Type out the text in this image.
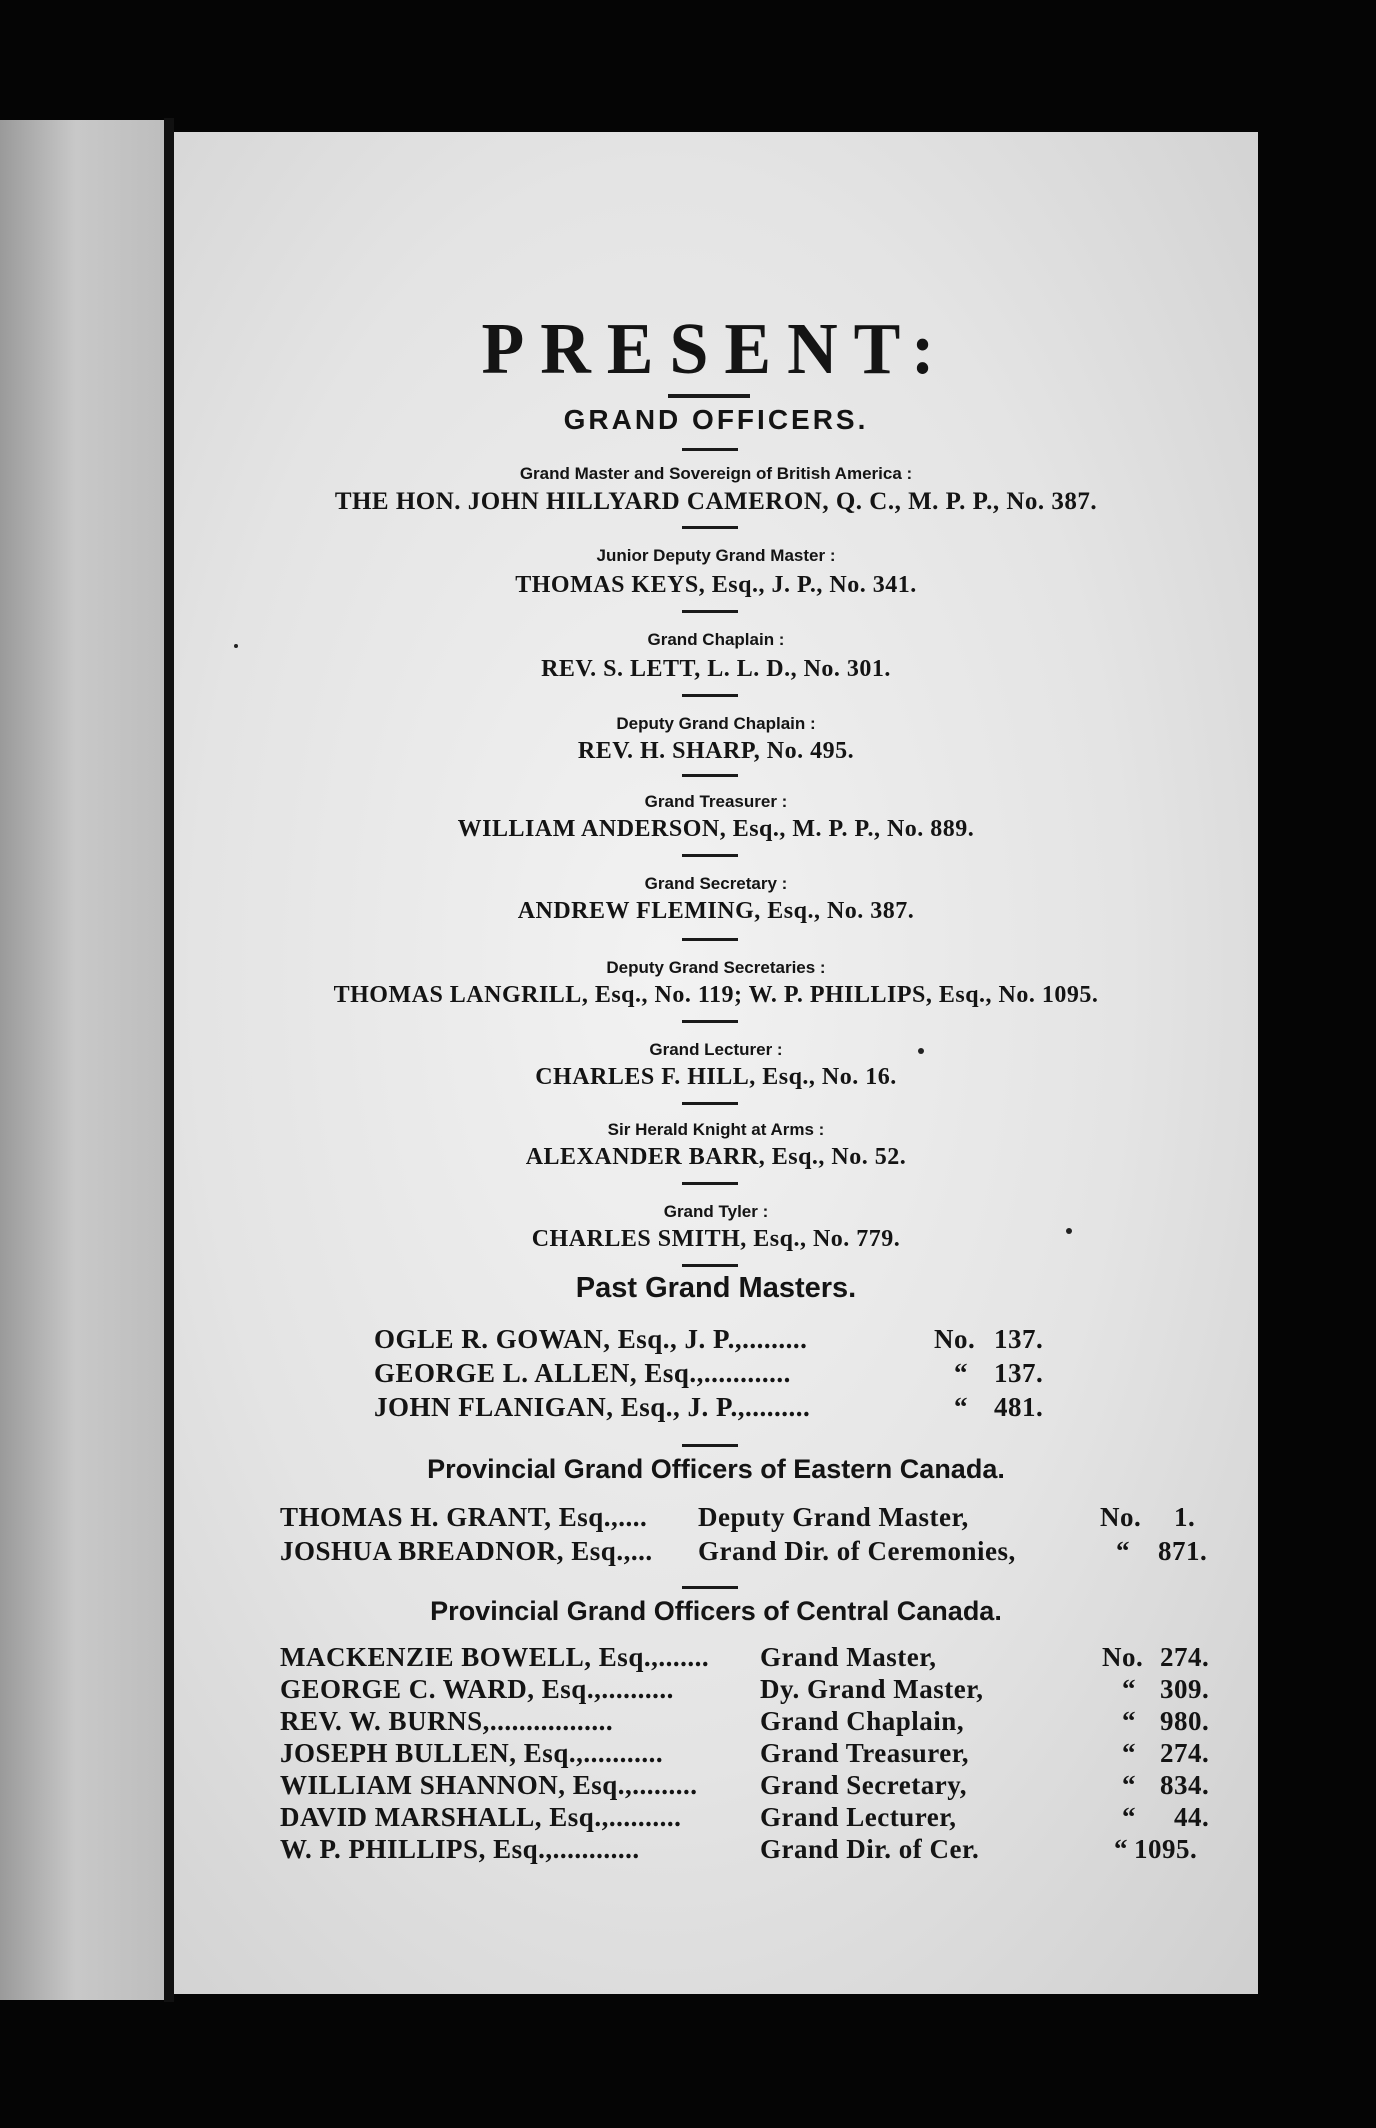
PRESENT:
GRAND OFFICERS.
Grand Master and Sovereign of British America :
THE HON. JOHN HILLYARD CAMERON, Q. C., M. P. P., No. 387.
Junior Deputy Grand Master :
THOMAS KEYS, Esq., J. P., No. 341.
Grand Chaplain :
REV. S. LETT, L. L. D., No. 301.
Deputy Grand Chaplain :
REV. H. SHARP, No. 495.
Grand Treasurer :
WILLIAM ANDERSON, Esq., M. P. P., No. 889.
Grand Secretary :
ANDREW FLEMING, Esq., No. 387.
Deputy Grand Secretaries :
THOMAS LANGRILL, Esq., No. 119; W. P. PHILLIPS, Esq., No. 1095.
Grand Lecturer :
CHARLES F. HILL, Esq., No. 16.
Sir Herald Knight at Arms :
ALEXANDER BARR, Esq., No. 52.
Grand Tyler :
CHARLES SMITH, Esq., No. 779.
Past Grand Masters.
OGLE R. GOWAN, Esq., J. P.,.........	No. 137.
GEORGE L. ALLEN, Esq.,............	“ 137.
JOHN FLANIGAN, Esq., J. P.,.........	“ 481.
Provincial Grand Officers of Eastern Canada.
THOMAS H. GRANT, Esq.,.... Deputy Grand Master,	No. 1.
JOSHUA BREADNOR, Esq.,... Grand Dir. of Ceremonies,	“ 871.
Provincial Grand Officers of Central Canada.
MACKENZIE BOWELL, Esq.,....... Grand Master,	No. 274.
GEORGE C. WARD, Esq.,..........	Dy. Grand Master,	“ 309.
REV. W. BURNS,.................	Grand Chaplain,	“ 980.
JOSEPH BULLEN, Esq.,...........	Grand Treasurer,	“ 274.
WILLIAM SHANNON, Esq.,......... Grand Secretary,	“ 834.
DAVID MARSHALL, Esq.,..........	Grand Lecturer,	“ 44.
W. P. PHILLIPS, Esq.,............	Grand Dir. of Cer.	“ 1095.
